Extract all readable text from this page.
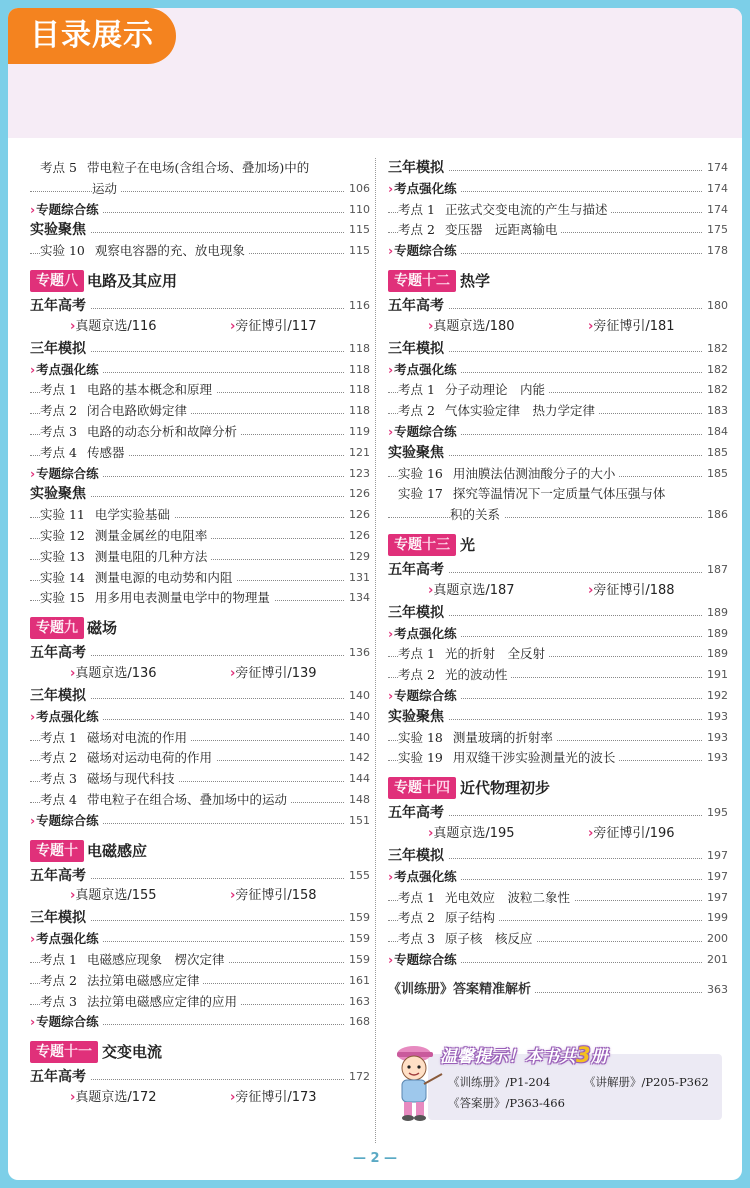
目录展示
考点 5 带电粒子在电场(含组合场、叠加场)中的
运动	106
›专题综合练	110
实验聚焦	115
实验 10 观察电容器的充、放电现象	115
专题八 电路及其应用
五年高考	116
›真题京选/116	›旁征博引/117
三年模拟	118
›考点强化练	118
考点 1 电路的基本概念和原理	118
考点 2 闭合电路欧姆定律	118
考点 3 电路的动态分析和故障分析	119
考点 4 传感器	121
›专题综合练	123
实验聚焦	126
实验 11 电学实验基础	126
实验 12 测量金属丝的电阻率	126
实验 13 测量电阻的几种方法	129
实验 14 测量电源的电动势和内阻	131
实验 15 用多用电表测量电学中的物理量	134
专题九 磁场
五年高考	136
›真题京选/136	›旁征博引/139
三年模拟	140
›考点强化练	140
考点 1 磁场对电流的作用	140
考点 2 磁场对运动电荷的作用	142
考点 3 磁场与现代科技	144
考点 4 带电粒子在组合场、叠加场中的运动	148
›专题综合练	151
专题十 电磁感应
五年高考	155
›真题京选/155	›旁征博引/158
三年模拟	159
›考点强化练	159
考点 1 电磁感应现象　楞次定律	159
考点 2 法拉第电磁感应定律	161
考点 3 法拉第电磁感应定律的应用	163
›专题综合练	168
专题十一 交变电流
五年高考	172
›真题京选/172	›旁征博引/173
三年模拟	174
›考点强化练	174
考点 1 正弦式交变电流的产生与描述	174
考点 2 变压器　远距离输电	175
›专题综合练	178
专题十二 热学
五年高考	180
›真题京选/180	›旁征博引/181
三年模拟	182
›考点强化练	182
考点 1 分子动理论　内能	182
考点 2 气体实验定律　热力学定律	183
›专题综合练	184
实验聚焦	185
实验 16 用油膜法估测油酸分子的大小	185
实验 17 探究等温情况下一定质量气体压强与体
积的关系	186
专题十三 光
五年高考	187
›真题京选/187	›旁征博引/188
三年模拟	189
›考点强化练	189
考点 1 光的折射　全反射	189
考点 2 光的波动性	191
›专题综合练	192
实验聚焦	193
实验 18 测量玻璃的折射率	193
实验 19 用双缝干涉实验测量光的波长	193
专题十四 近代物理初步
五年高考	195
›真题京选/195	›旁征博引/196
三年模拟	197
›考点强化练	197
考点 1 光电效应　波粒二象性	197
考点 2 原子结构	199
考点 3 原子核　核反应	200
›专题综合练	201
《训练册》答案精准解析	363
— 2 —
温馨提示！本书共3册
《训练册》/P1-204	《讲解册》/P205-P362
《答案册》/P363-466
